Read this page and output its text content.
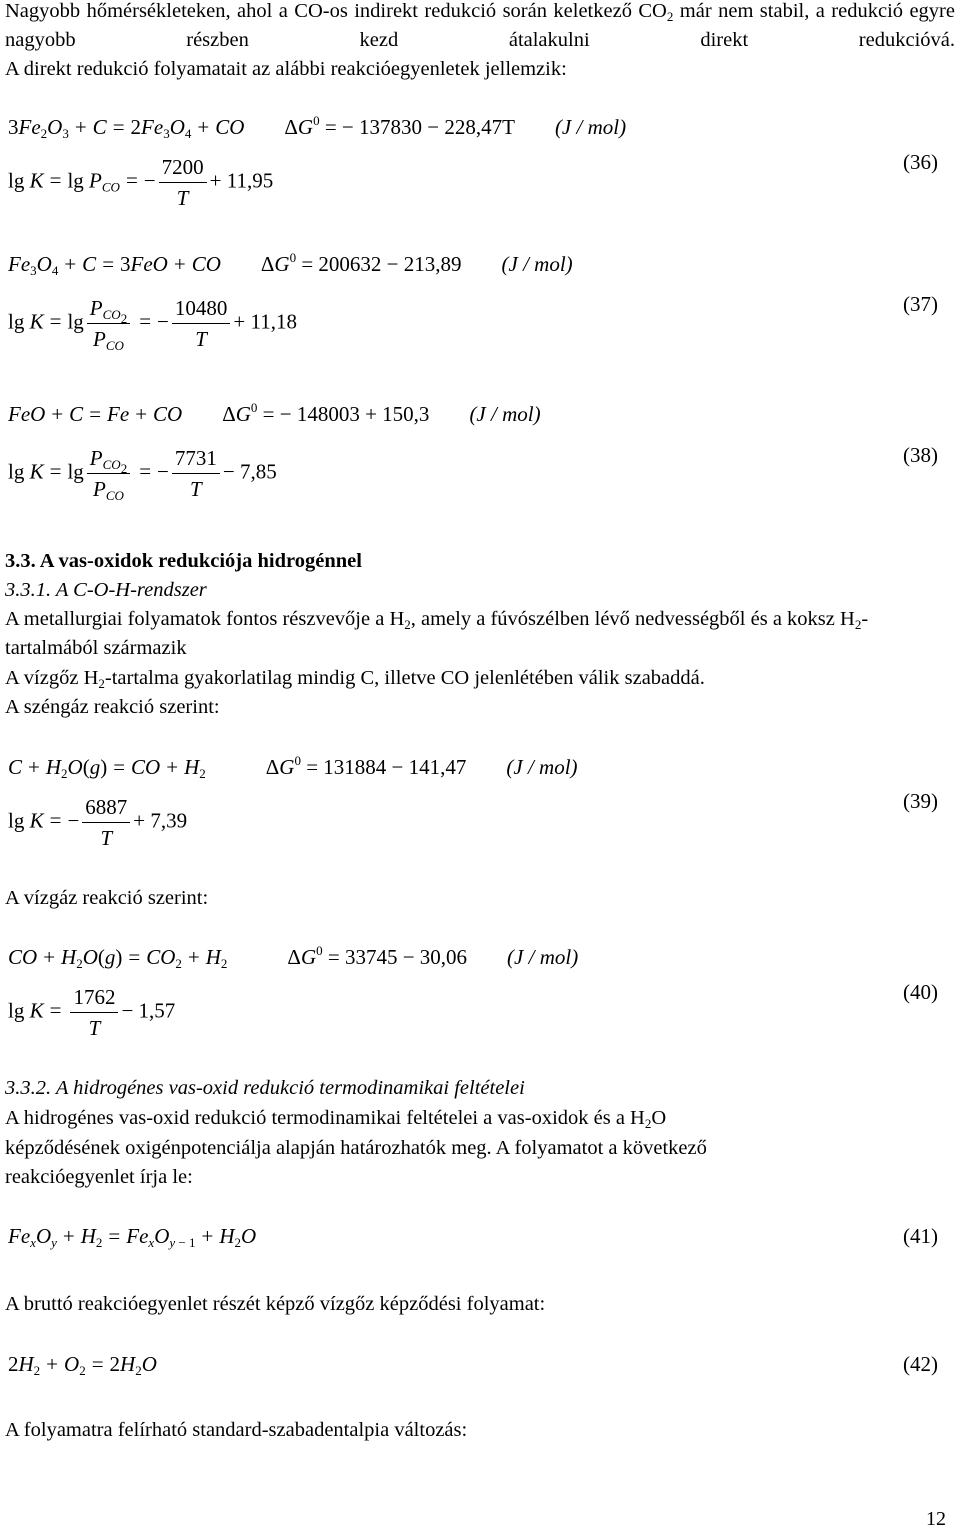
Nagyobb hőmérsékleteken, ahol a CO-os indirekt redukció során keletkező $CO_2$ már nem stabil, a redukció egyre nagyobb részben kezd átalakulni direkt redukcióvá.

A direkt redukció folyamatait az alábbi reakcióegyenletek jellemzik:

$3Fe_2O_3 + C = 2Fe_3O_4$ + CO $\Delta G^0$ = − 137830 − 228,47T (J / mol)
$\lg K = \lg P_{CO}$ = − $\frac{7200}{T} + 11,95$
(36)
$Fe_3O_4 + C = 3FeO$ + CO $\Delta G^0 = 200632 - 213,89$ (J / mol)
$\lg K = \lg \frac{P_{CO_2}}{P_{CO}}$ = − $\frac{10480}{T} + 11,18$
(37)
FeO + C = Fe + CO $\Delta G^0$ = − 148003 + 150,3 (J / mol)
$\lg K = \lg \frac{P_{CO_2}}{P_{CO}}$ = − $\frac{7731}{T} - 7,85$
(38)

3.3. A vas-oxidok redukciója hidrogénnel

3.3.1. A C-O-H-rendszer

A metallurgiai folyamatok fontos részvevője a $H_2$, amely a fúvószélben lévő nedvességből és a koksz $H_2$-tartalmából származik

A vízgőz $H_2$-tartalma gyakorlatilag mindig C, illetve CO jelenlétében válik szabaddá.

A széngáz reakció szerint:

$C + H_2O(g)$ = CO + $H_2$	$\Delta G^0 = 131884 - 141,47$ (J / mol)
lg K = − $\frac{6887}{T} + 7,39$
(39)

A vízgáz reakció szerint:

CO + $H_2O(g) = CO_2 + H_2$	$\Delta G^0 = 33745 - 30,06$ (J / mol)
$\lg K = \frac{1762}{T} - 1,57$
(40)

3.3.2. A hidrogénes vas-oxid redukció termodinamikai feltételei

A hidrogénes vas-oxid redukció termodinamikai feltételei a vas-oxidok és a $H_2O$

képződésének oxigénpotenciálja alapján határozhatók meg. A folyamatot a következő

reakcióegyenlet írja le:

$Fe_xO_y + H_2 = Fe_xO_{y - 1} + H_2O$	(41)

A bruttó reakcióegyenlet részét képző vízgőz képződési folyamat:

$2H_2 + O_2 = 2H_2O$	(42)

A folyamatra felírható standard-szabadentalpia változás:

12
